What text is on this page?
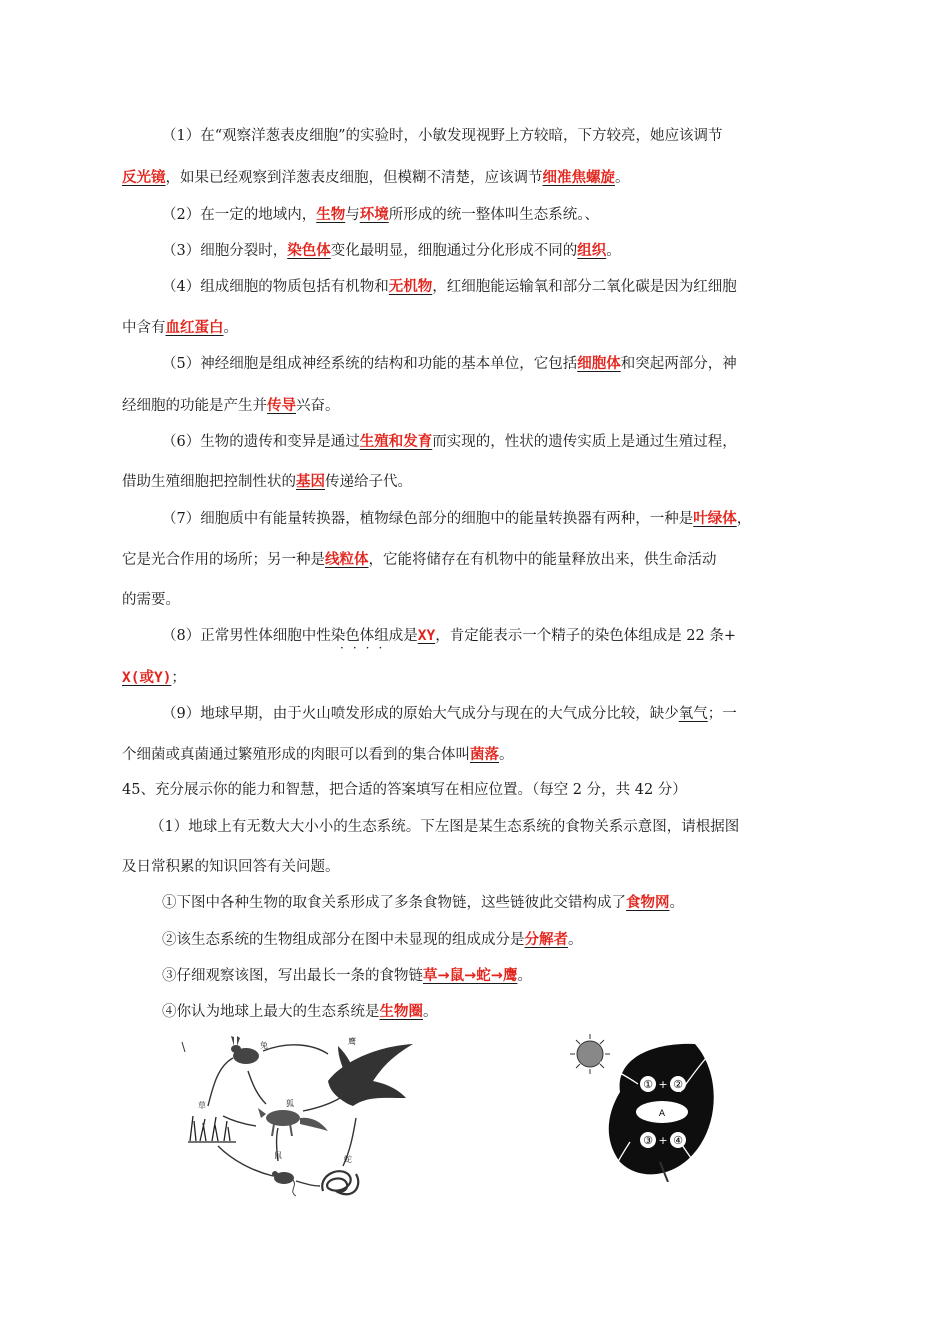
（1）在“观察洋葱表皮细胞”的实验时，小敏发现视野上方较暗，下方较亮，她应该调节
反光镜，如果已经观察到洋葱表皮细胞，但模糊不清楚，应该调节细准焦螺旋。
（2）在一定的地域内，生物与环境所形成的统一整体叫生态系统。、
（3）细胞分裂时，染色体变化最明显，细胞通过分化形成不同的组织。
（4）组成细胞的物质包括有机物和无机物，红细胞能运输氧和部分二氧化碳是因为红细胞
中含有血红蛋白。
（5）神经细胞是组成神经系统的结构和功能的基本单位，它包括细胞体和突起两部分，神
经细胞的功能是产生并传导兴奋。
（6）生物的遗传和变异是通过生殖和发育而实现的，性状的遗传实质上是通过生殖过程，
借助生殖细胞把控制性状的基因传递给子代。
（7）细胞质中有能量转换器，植物绿色部分的细胞中的能量转换器有两种，一种是叶绿体，
它是光合作用的场所；另一种是线粒体，它能将储存在有机物中的能量释放出来，供生命活动
的需要。
（8）正常男性体细胞中性染色体组成是XY，肯定能表示一个精子的染色体组成是 22 条+
····
X(或Y)；
（9）地球早期，由于火山喷发形成的原始大气成分与现在的大气成分比较，缺少氧气；一
个细菌或真菌通过繁殖形成的肉眼可以看到的集合体叫菌落。
45、充分展示你的能力和智慧，把合适的答案填写在相应位置。（每空 2 分，共 42 分）
（1）地球上有无数大大小小的生态系统。下左图是某生态系统的食物关系示意图，请根据图
及日常积累的知识回答有关问题。
①下图中各种生物的取食关系形成了多条食物链，这些链彼此交错构成了食物网。
②该生态系统的生物组成部分在图中未显现的组成成分是分解者。
③仔细观察该图，写出最长一条的食物链草→鼠→蛇→鹰。
④你认为地球上最大的生态系统是生物圈。
兔	鹰
草	狐
鼠	蛇
① ②
③ ④
+
+
A
